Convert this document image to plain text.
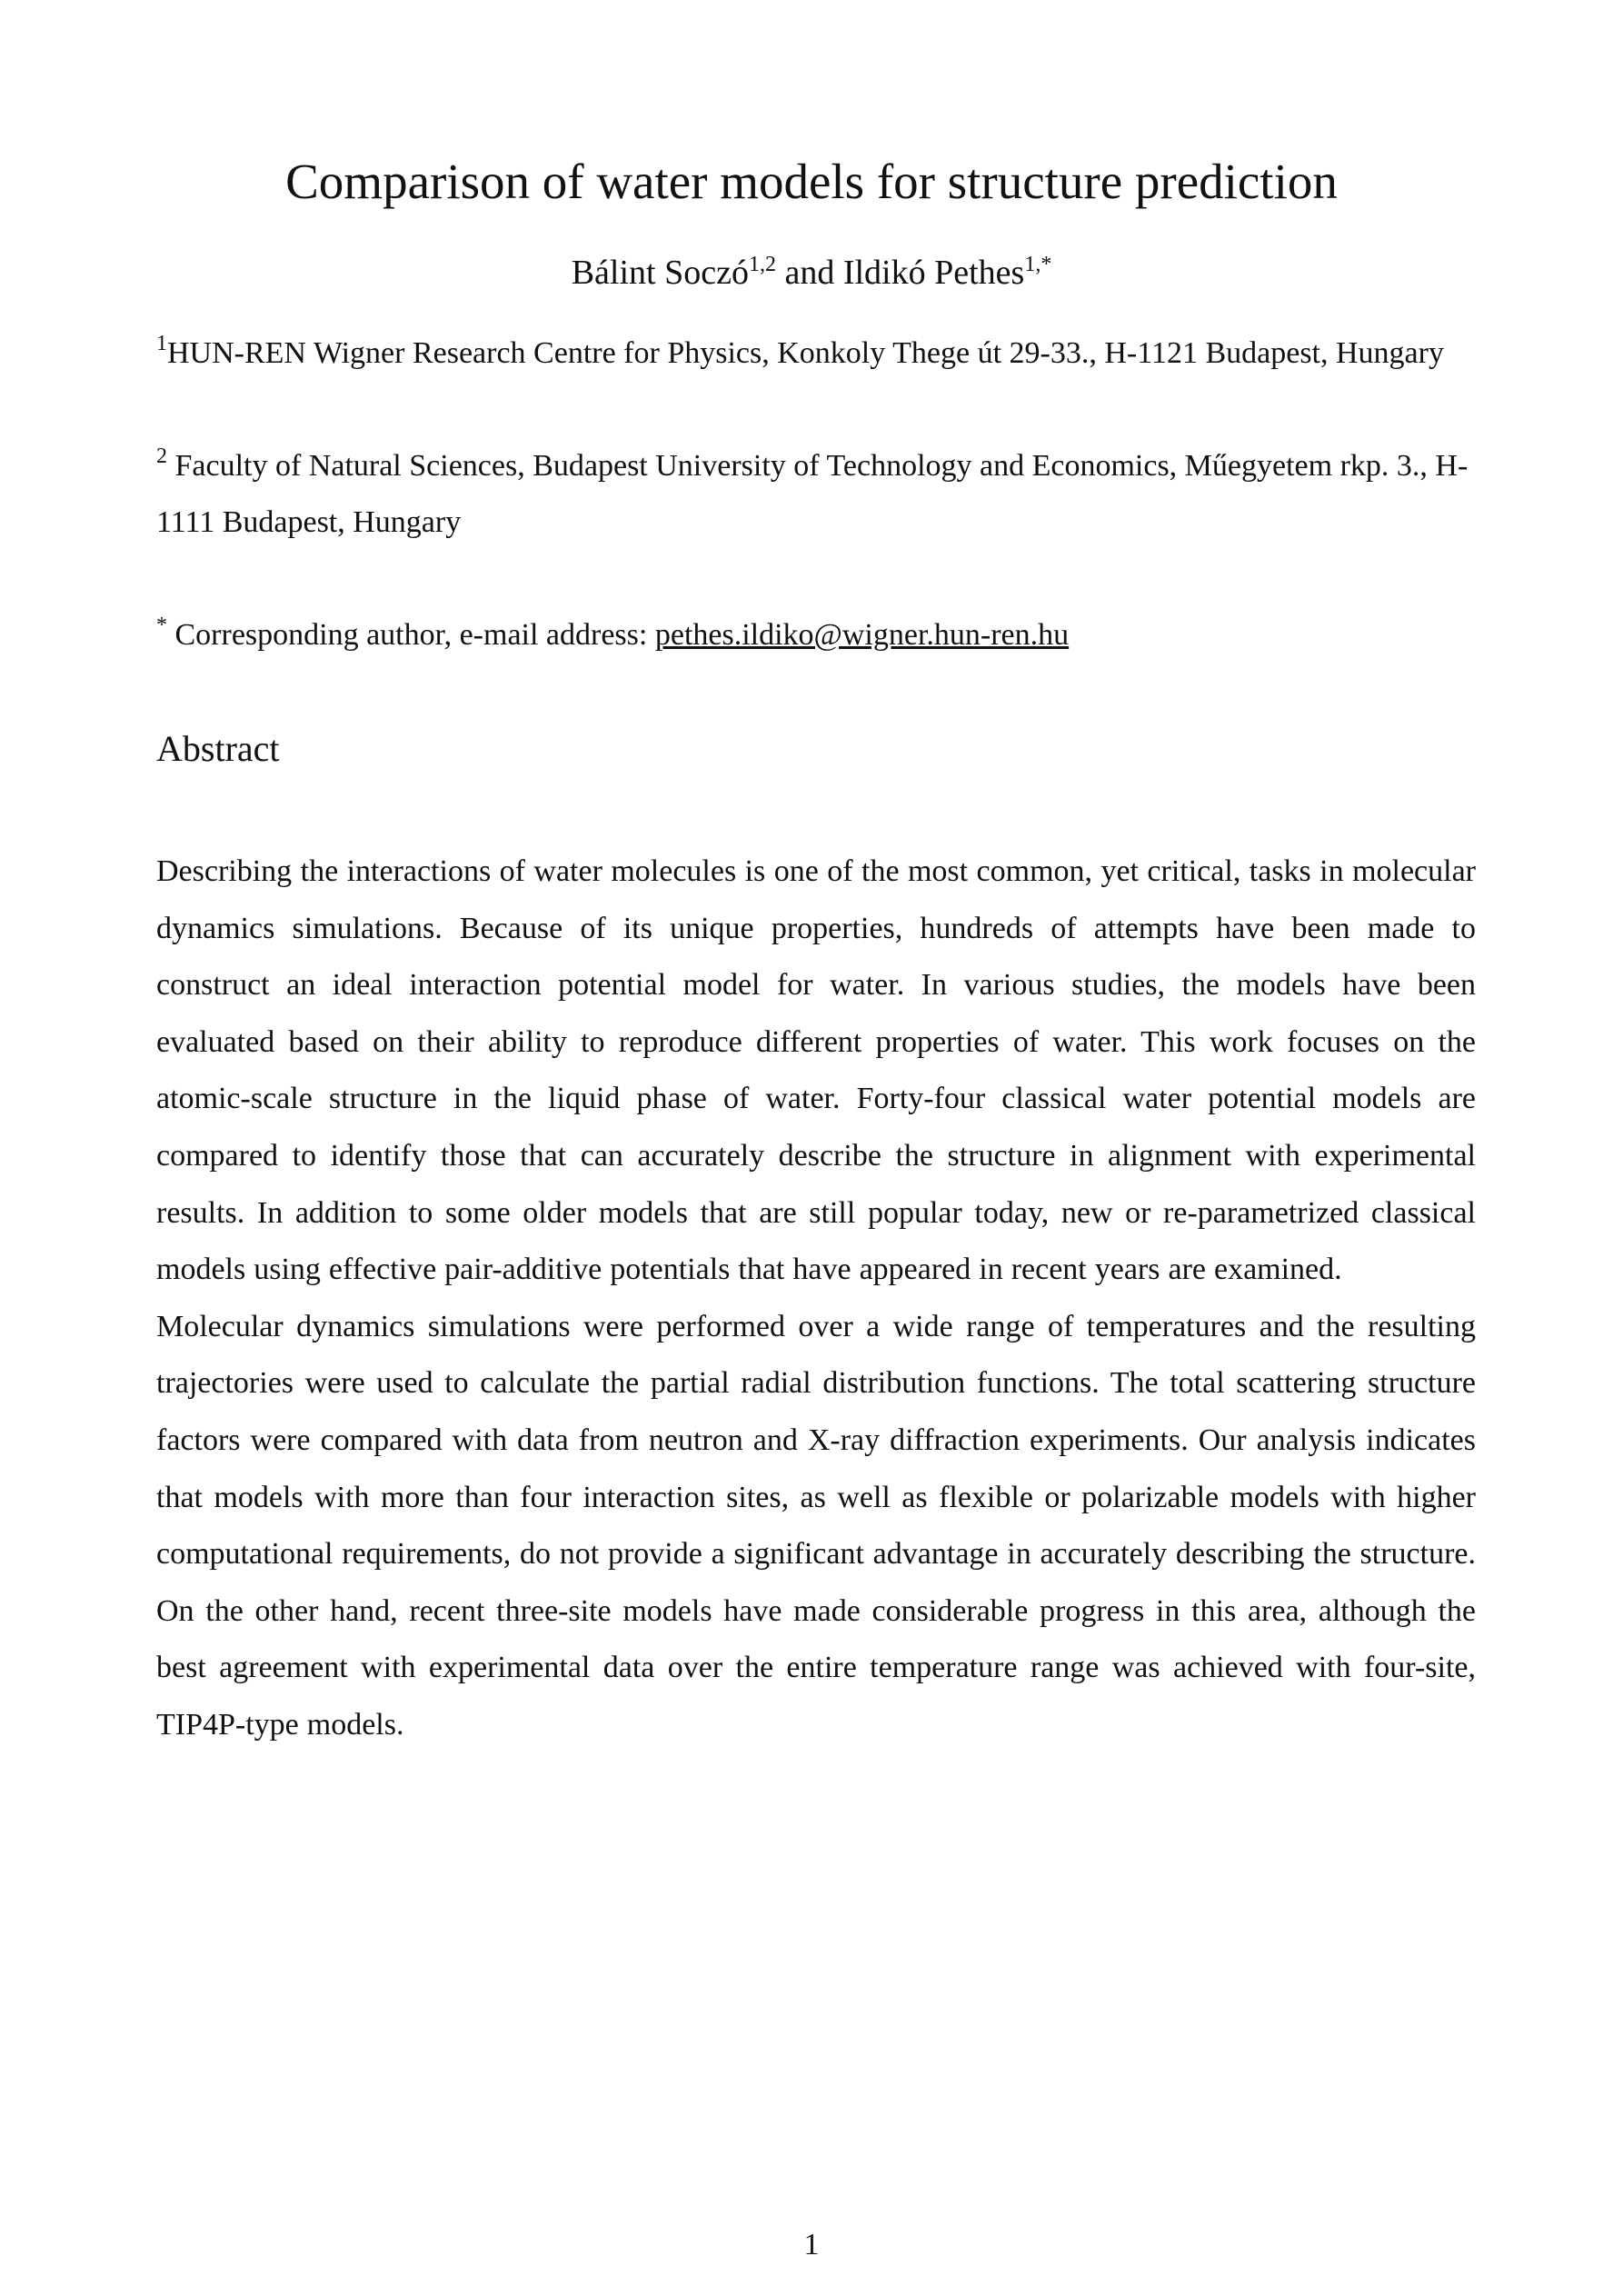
Comparison of water models for structure prediction
Bálint Soczó$^{1,2}$ and Ildikó Pethes$^{1,*}$

$^1$HUN-REN Wigner Research Centre for Physics, Konkoly Thege út 29-33., H-1121 Budapest, Hungary

$^2$ Faculty of Natural Sciences, Budapest University of Technology and Economics, Műegyetem rkp. 3., H-1111 Budapest, Hungary

* Corresponding author, e-mail address: pethes.ildiko@wigner.hun-ren.hu
Abstract

Describing the interactions of water molecules is one of the most common, yet critical, tasks in molecular dynamics simulations. Because of its unique properties, hundreds of attempts have been made to construct an ideal interaction potential model for water. In various studies, the models have been evaluated based on their ability to reproduce different properties of water. This work focuses on the atomic-scale structure in the liquid phase of water. Forty-four classical water potential models are compared to identify those that can accurately describe the structure in alignment with experimental results. In addition to some older models that are still popular today, new or re-parametrized classical models using effective pair-additive potentials that have appeared in recent years are examined.

Molecular dynamics simulations were performed over a wide range of temperatures and the resulting trajectories were used to calculate the partial radial distribution functions. The total scattering structure factors were compared with data from neutron and X-ray diffraction experiments. Our analysis indicates that models with more than four interaction sites, as well as flexible or polarizable models with higher computational requirements, do not provide a significant advantage in accurately describing the structure. On the other hand, recent three-site models have made considerable progress in this area, although the best agreement with experimental data over the entire temperature range was achieved with four-site, TIP4P-type models.

1
